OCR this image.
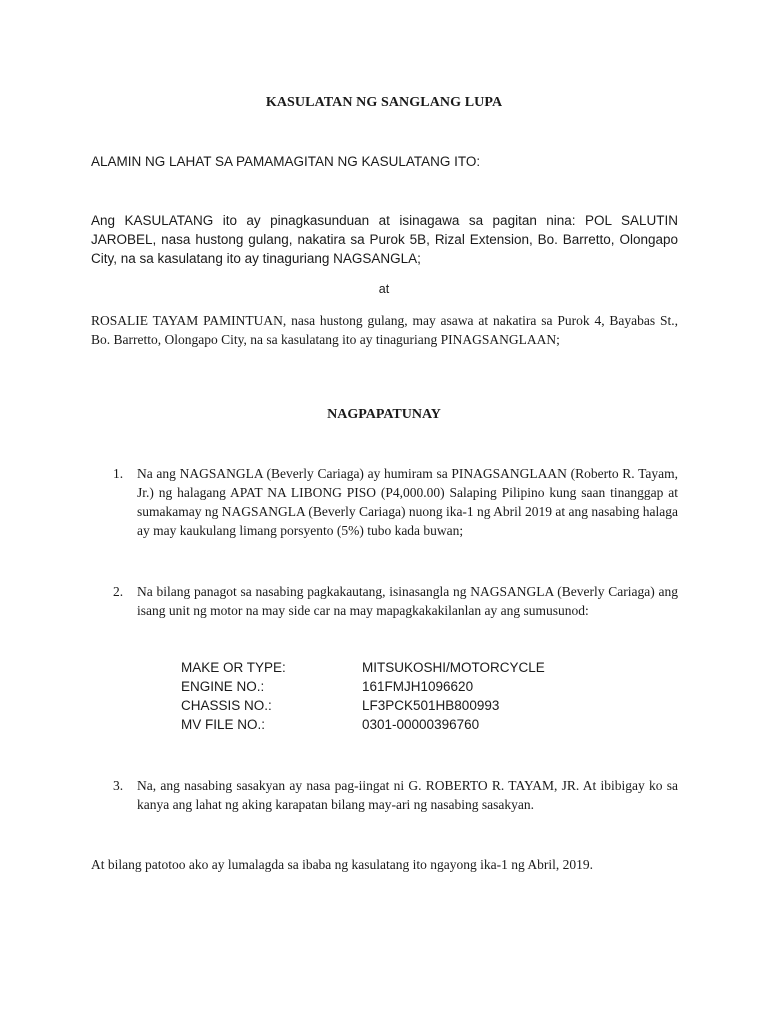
KASULATAN NG SANGLANG LUPA
ALAMIN NG LAHAT SA PAMAMAGITAN NG KASULATANG ITO:
Ang KASULATANG ito ay pinagkasunduan at isinagawa sa pagitan nina: POL SALUTIN JAROBEL, nasa hustong gulang, nakatira sa Purok 5B, Rizal Extension, Bo. Barretto, Olongapo City, na sa kasulatang ito ay tinaguriang NAGSANGLA;
at
ROSALIE TAYAM PAMINTUAN, nasa hustong gulang, may asawa at nakatira sa Purok 4, Bayabas St., Bo. Barretto, Olongapo City, na sa kasulatang ito ay tinaguriang PINAGSANGLAAN;
NAGPAPATUNAY
1.	Na ang NAGSANGLA (Beverly Cariaga) ay humiram sa PINAGSANGLAAN (Roberto R. Tayam, Jr.) ng halagang APAT NA LIBONG PISO (P4,000.00) Salaping Pilipino kung saan tinanggap at sumakamay ng NAGSANGLA (Beverly Cariaga) nuong ika-1 ng Abril 2019 at ang nasabing halaga ay may kaukulang limang porsyento (5%) tubo kada buwan;
2.	Na bilang panagot sa nasabing pagkakautang, isinasangla ng NAGSANGLA (Beverly Cariaga) ang isang unit ng motor na may side car na may mapagkakakilanlan ay ang sumusunod:
MAKE OR TYPE:	MITSUKOSHI/MOTORCYCLE
ENGINE NO.:	161FMJH1096620
CHASSIS NO.:	LF3PCK501HB800993
MV FILE NO.:	0301-00000396760
3.	Na, ang nasabing sasakyan ay nasa pag-iingat ni G. ROBERTO R. TAYAM, JR. At ibibigay ko sa kanya ang lahat ng aking karapatan bilang may-ari ng nasabing sasakyan.
At bilang patotoo ako ay lumalagda sa ibaba ng kasulatang ito ngayong ika-1 ng Abril, 2019.
